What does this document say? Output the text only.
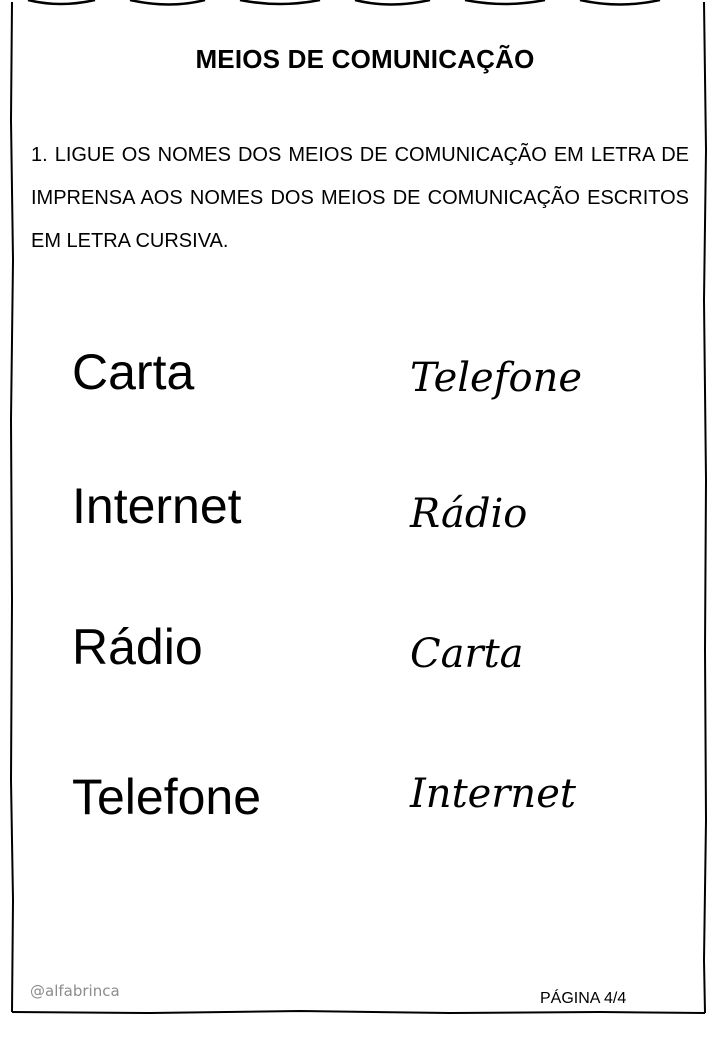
MEIOS DE COMUNICAÇÃO
1. LIGUE OS NOMES DOS MEIOS DE COMUNICAÇÃO EM LETRA DE IMPRENSA AOS NOMES DOS MEIOS DE COMUNICAÇÃO ESCRITOS EM LETRA CURSIVA.
Carta
Internet
Rádio
Telefone
Telefone
Rádio
Carta
Internet
@alfabrinca	PÁGINA 4/4
